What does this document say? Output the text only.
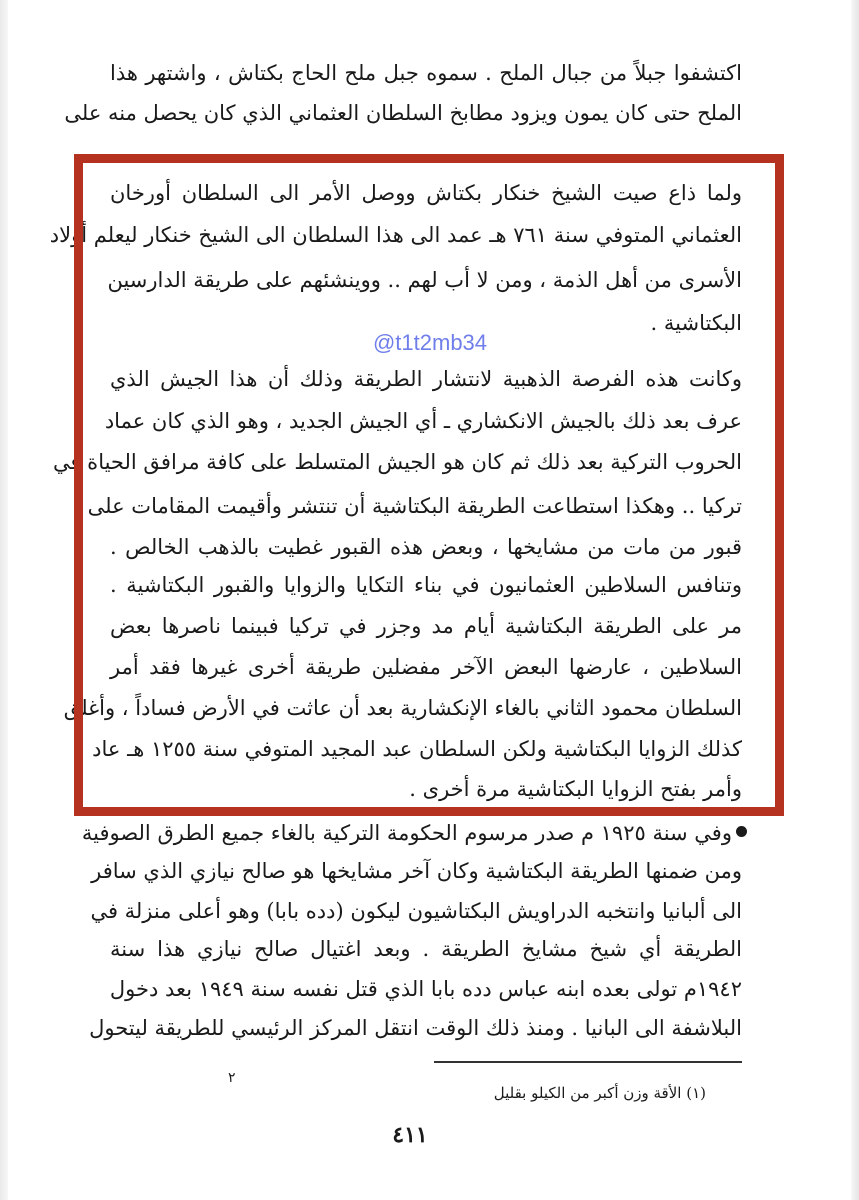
اكتشفوا جبلاً من جبال الملح . سموه جبل ملح الحاج بكتاش ، واشتهر هذا
الملح حتى كان يمون ويزود مطابخ السلطان العثماني الذي كان يحصل منه على
ولما ذاع صيت الشيخ خنكار بكتاش ووصل الأمر الى السلطان أورخان
العثماني المتوفي سنة ٧٦١ هـ عمد الى هذا السلطان الى الشيخ خنكار ليعلم أولاد
الأسرى من أهل الذمة ، ومن لا أب لهم .. ووينشئهم على طريقة الدارسين
البكتاشية .
وكانت هذه الفرصة الذهبية لانتشار الطريقة وذلك أن هذا الجيش الذي
عرف بعد ذلك بالجيش الانكشاري ـ أي الجيش الجديد ، وهو الذي كان عماد
الحروب التركية بعد ذلك ثم كان هو الجيش المتسلط على كافة مرافق الحياة في
تركيا .. وهكذا استطاعت الطريقة البكتاشية أن تنتشر وأقيمت المقامات على
قبور من مات من مشايخها ، وبعض هذه القبور غطيت بالذهب الخالص .
وتنافس السلاطين العثمانيون في بناء التكايا والزوايا والقبور البكتاشية .
مر على الطريقة البكتاشية أيام مد وجزر في تركيا فبينما ناصرها بعض
السلاطين ، عارضها البعض الآخر مفضلين طريقة أخرى غيرها فقد أمر
السلطان محمود الثاني بالغاء الإنكشارية بعد أن عاثت في الأرض فساداً ، وأغلق
كذلك الزوايا البكتاشية ولكن السلطان عبد المجيد المتوفي سنة ١٢٥٥ هـ عاد
وأمر بفتح الزوايا البكتاشية مرة أخرى .
@t1t2mb34
وفي سنة ١٩٢٥ م صدر مرسوم الحكومة التركية بالغاء جميع الطرق الصوفية
ومن ضمنها الطريقة البكتاشية وكان آخر مشايخها هو صالح نيازي الذي سافر
الى ألبانيا وانتخبه الدراويش البكتاشيون ليكون (دده بابا) وهو أعلى منزلة في
الطريقة أي شيخ مشايخ الطريقة . وبعد اغتيال صالح نيازي هذا سنة
١٩٤٢م تولى بعده ابنه عباس دده بابا الذي قتل نفسه سنة ١٩٤٩ بعد دخول
البلاشفة الى البانيا . ومنذ ذلك الوقت انتقل المركز الرئيسي للطريقة ليتحول
٢
(١) الأقة وزن أكبر من الكيلو بقليل
٤١١
